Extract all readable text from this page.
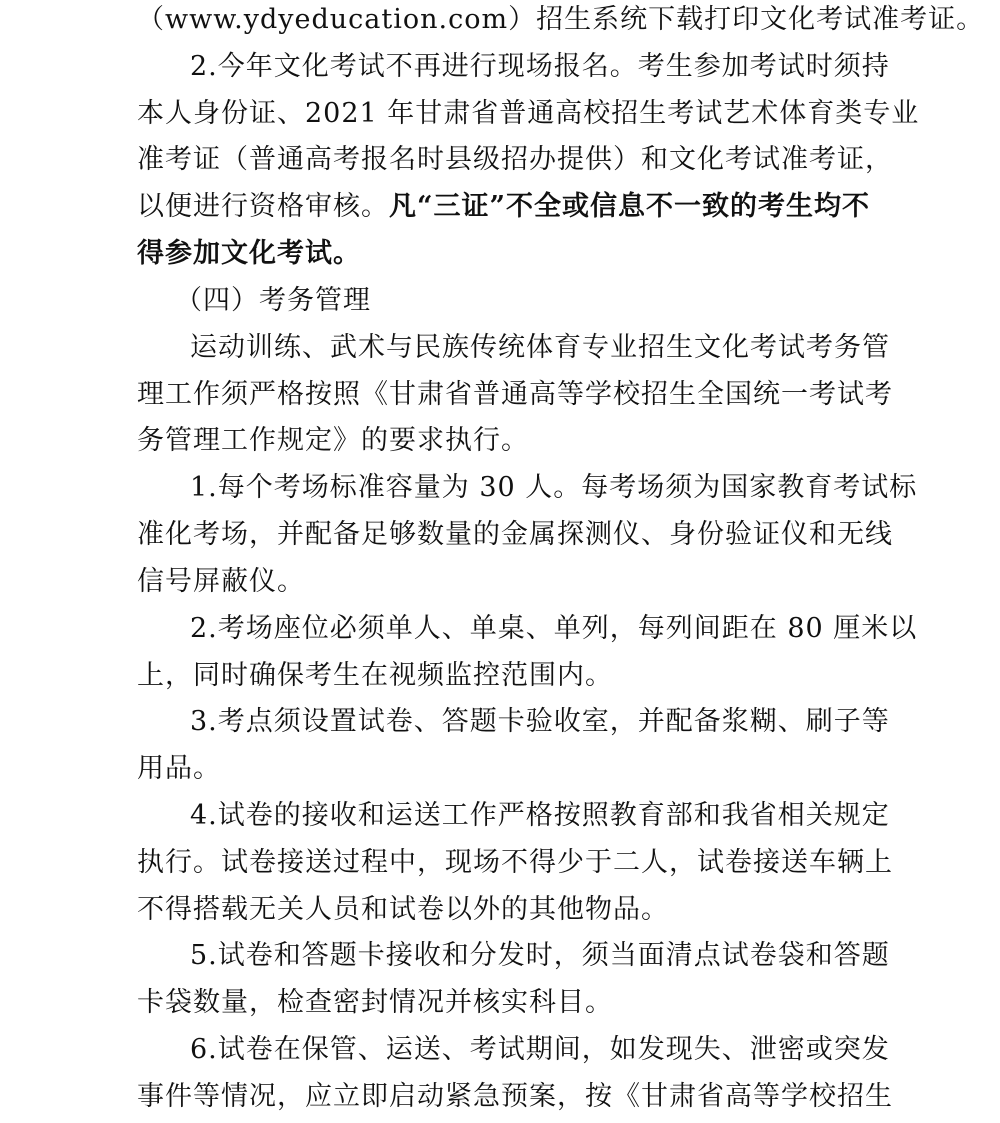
（www.ydyeducation.com）招生系统下载打印文化考试准考证。
2.今年文化考试不再进行现场报名。考生参加考试时须持
本人身份证、2021 年甘肃省普通高校招生考试艺术体育类专业
准考证（普通高考报名时县级招办提供）和文化考试准考证，
以便进行资格审核。凡“三证”不全或信息不一致的考生均不
得参加文化考试。
（四）考务管理
运动训练、武术与民族传统体育专业招生文化考试考务管
理工作须严格按照《甘肃省普通高等学校招生全国统一考试考
务管理工作规定》的要求执行。
1.每个考场标准容量为 30 人。每考场须为国家教育考试标
准化考场，并配备足够数量的金属探测仪、身份验证仪和无线
信号屏蔽仪。
2.考场座位必须单人、单桌、单列，每列间距在 80 厘米以
上，同时确保考生在视频监控范围内。
3.考点须设置试卷、答题卡验收室，并配备浆糊、刷子等
用品。
4.试卷的接收和运送工作严格按照教育部和我省相关规定
执行。试卷接送过程中，现场不得少于二人，试卷接送车辆上
不得搭载无关人员和试卷以外的其他物品。
5.试卷和答题卡接收和分发时，须当面清点试卷袋和答题
卡袋数量，检查密封情况并核实科目。
6.试卷在保管、运送、考试期间，如发现失、泄密或突发
事件等情况，应立即启动紧急预案，按《甘肃省高等学校招生
